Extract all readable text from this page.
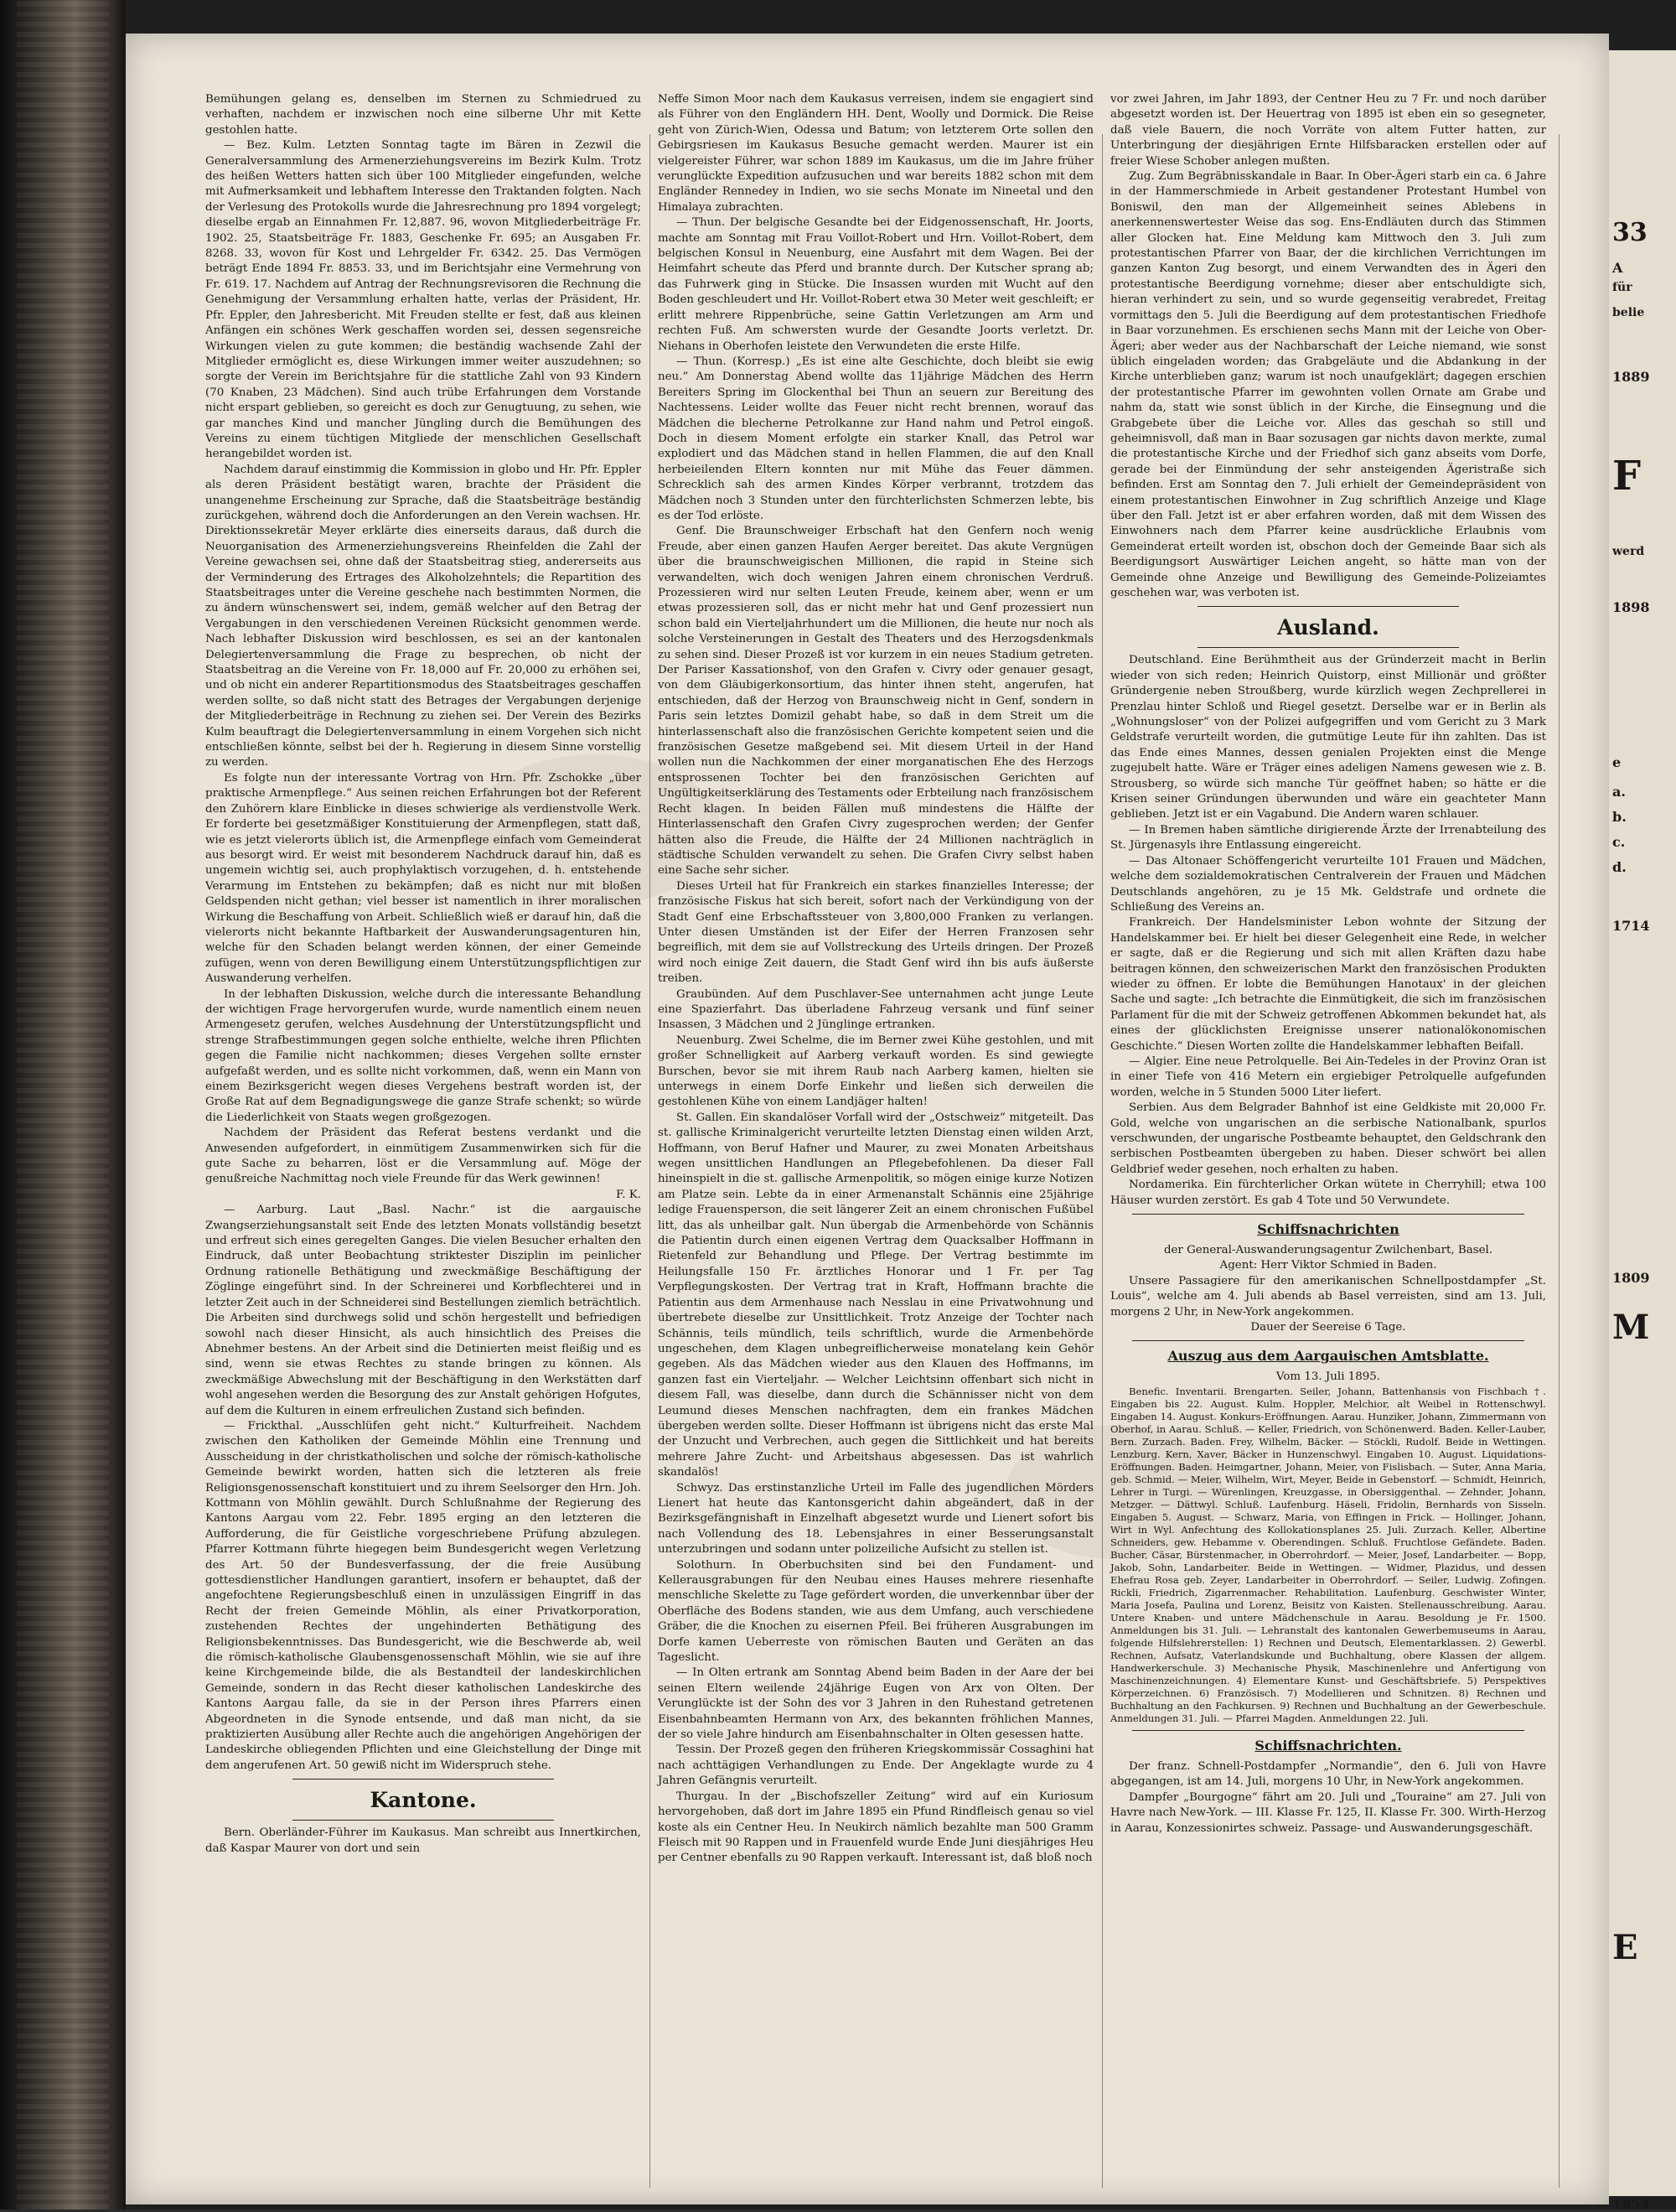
Bemühungen gelang es, denselben im Sternen zu Schmiedrued zu verhaften, nachdem er inzwischen noch eine silberne Uhr mit Kette gestohlen hatte.

— Bez. Kulm. Letzten Sonntag tagte im Bären in Zezwil die Generalversammlung des Armenerziehungsvereins im Bezirk Kulm. Trotz des heißen Wetters hatten sich über 100 Mitglieder eingefunden, welche mit Aufmerksamkeit und lebhaftem Interesse den Traktanden folgten. Nach der Verlesung des Protokolls wurde die Jahresrechnung pro 1894 vorgelegt; dieselbe ergab an Einnahmen Fr. 12,887. 96, wovon Mitgliederbeiträge Fr. 1902. 25, Staatsbeiträge Fr. 1883, Geschenke Fr. 695; an Ausgaben Fr. 8268. 33, wovon für Kost und Lehrgelder Fr. 6342. 25. Das Vermögen beträgt Ende 1894 Fr. 8853. 33, und im Berichtsjahr eine Vermehrung von Fr. 619. 17. Nachdem auf Antrag der Rechnungsrevisoren die Rechnung die Genehmigung der Versammlung erhalten hatte, verlas der Präsident, Hr. Pfr. Eppler, den Jahresbericht. Mit Freuden stellte er fest, daß aus kleinen Anfängen ein schönes Werk geschaffen worden sei, dessen segensreiche Wirkungen vielen zu gute kommen; die beständig wachsende Zahl der Mitglieder ermöglicht es, diese Wirkungen immer weiter auszudehnen; so sorgte der Verein im Berichtsjahre für die stattliche Zahl von 93 Kindern (70 Knaben, 23 Mädchen). Sind auch trübe Erfahrungen dem Vorstande nicht erspart geblieben, so gereicht es doch zur Genugtuung, zu sehen, wie gar manches Kind und mancher Jüngling durch die Bemühungen des Vereins zu einem tüchtigen Mitgliede der menschlichen Gesellschaft herangebildet worden ist.

Nachdem darauf einstimmig die Kommission in globo und Hr. Pfr. Eppler als deren Präsident bestätigt waren, brachte der Präsident die unangenehme Erscheinung zur Sprache, daß die Staatsbeiträge beständig zurückgehen, während doch die Anforderungen an den Verein wachsen. Hr. Direktionssekretär Meyer erklärte dies einerseits daraus, daß durch die Neuorganisation des Armenerziehungsvereins Rheinfelden die Zahl der Vereine gewachsen sei, ohne daß der Staatsbeitrag stieg, andererseits aus der Verminderung des Ertrages des Alkoholzehntels; die Repartition des Staatsbeitrages unter die Vereine geschehe nach bestimmten Normen, die zu ändern wünschenswert sei, indem, gemäß welcher auf den Betrag der Vergabungen in den verschiedenen Vereinen Rücksicht genommen werde. Nach lebhafter Diskussion wird beschlossen, es sei an der kantonalen Delegiertenversammlung die Frage zu besprechen, ob nicht der Staatsbeitrag an die Vereine von Fr. 18,000 auf Fr. 20,000 zu erhöhen sei, und ob nicht ein anderer Repartitionsmodus des Staatsbeitrages geschaffen werden sollte, so daß nicht statt des Betrages der Vergabungen derjenige der Mitgliederbeiträge in Rechnung zu ziehen sei. Der Verein des Bezirks Kulm beauftragt die Delegiertenversammlung in einem Vorgehen sich nicht entschließen könnte, selbst bei der h. Regierung in diesem Sinne vorstellig zu werden.

Es folgte nun der interessante Vortrag von Hrn. Pfr. Zschokke „über praktische Armenpflege.“ Aus seinen reichen Erfahrungen bot der Referent den Zuhörern klare Einblicke in dieses schwierige als verdienstvolle Werk. Er forderte bei gesetzmäßiger Konstituierung der Armenpflegen, statt daß, wie es jetzt vielerorts üblich ist, die Armenpflege einfach vom Gemeinderat aus besorgt wird. Er weist mit besonderem Nachdruck darauf hin, daß es ungemein wichtig sei, auch prophylaktisch vorzugehen, d. h. entstehende Verarmung im Entstehen zu bekämpfen; daß es nicht nur mit bloßen Geldspenden nicht gethan; viel besser ist namentlich in ihrer moralischen Wirkung die Beschaffung von Arbeit. Schließlich wieß er darauf hin, daß die vielerorts nicht bekannte Haftbarkeit der Auswanderungsagenturen hin, welche für den Schaden belangt werden können, der einer Gemeinde zufügen, wenn von deren Bewilligung einem Unterstützungspflichtigen zur Auswanderung verhelfen.

In der lebhaften Diskussion, welche durch die interessante Behandlung der wichtigen Frage hervorgerufen wurde, wurde namentlich einem neuen Armengesetz gerufen, welches Ausdehnung der Unterstützungspflicht und strenge Strafbestimmungen gegen solche enthielte, welche ihren Pflichten gegen die Familie nicht nachkommen; dieses Vergehen sollte ernster aufgefaßt werden, und es sollte nicht vorkommen, daß, wenn ein Mann von einem Bezirksgericht wegen dieses Vergehens bestraft worden ist, der Große Rat auf dem Begnadigungswege die ganze Strafe schenkt; so würde die Liederlichkeit von Staats wegen großgezogen.

Nachdem der Präsident das Referat bestens verdankt und die Anwesenden aufgefordert, in einmütigem Zusammenwirken sich für die gute Sache zu beharren, löst er die Versammlung auf. Möge der genußreiche Nachmittag noch viele Freunde für das Werk gewinnen!

F. K.

— Aarburg. Laut „Basl. Nachr.“ ist die aargauische Zwangserziehungsanstalt seit Ende des letzten Monats vollständig besetzt und erfreut sich eines geregelten Ganges. Die vielen Besucher erhalten den Eindruck, daß unter Beobachtung striktester Disziplin im peinlicher Ordnung rationelle Bethätigung und zweckmäßige Beschäftigung der Zöglinge eingeführt sind. In der Schreinerei und Korbflechterei und in letzter Zeit auch in der Schneiderei sind Bestellungen ziemlich beträchtlich. Die Arbeiten sind durchwegs solid und schön hergestellt und befriedigen sowohl nach dieser Hinsicht, als auch hinsichtlich des Preises die Abnehmer bestens. An der Arbeit sind die Detinierten meist fleißig und es sind, wenn sie etwas Rechtes zu stande bringen zu können. Als zweckmäßige Abwechslung mit der Beschäftigung in den Werkstätten darf wohl angesehen werden die Besorgung des zur Anstalt gehörigen Hofgutes, auf dem die Kulturen in einem erfreulichen Zustand sich befinden.

— Frickthal. „Ausschlüfen geht nicht.“ Kulturfreiheit. Nachdem zwischen den Katholiken der Gemeinde Möhlin eine Trennung und Ausscheidung in der christkatholischen und solche der römisch-katholische Gemeinde bewirkt worden, hatten sich die letzteren als freie Religionsgenossenschaft konstituiert und zu ihrem Seelsorger den Hrn. Joh. Kottmann von Möhlin gewählt. Durch Schlußnahme der Regierung des Kantons Aargau vom 22. Febr. 1895 erging an den letzteren die Aufforderung, die für Geistliche vorgeschriebene Prüfung abzulegen. Pfarrer Kottmann führte hiegegen beim Bundesgericht wegen Verletzung des Art. 50 der Bundesverfassung, der die freie Ausübung gottesdienstlicher Handlungen garantiert, insofern er behauptet, daß der angefochtene Regierungsbeschluß einen in unzulässigen Eingriff in das Recht der freien Gemeinde Möhlin, als einer Privatkorporation, zustehenden Rechtes der ungehinderten Bethätigung des Religionsbekenntnisses. Das Bundesgericht, wie die Beschwerde ab, weil die römisch-katholische Glaubensgenossenschaft Möhlin, wie sie auf ihre keine Kirchgemeinde bilde, die als Bestandteil der landeskirchlichen Gemeinde, sondern in das Recht dieser katholischen Landeskirche des Kantons Aargau falle, da sie in der Person ihres Pfarrers einen Abgeordneten in die Synode entsende, und daß man nicht, da sie praktizierten Ausübung aller Rechte auch die angehörigen Angehörigen der Landeskirche obliegenden Pflichten und eine Gleichstellung der Dinge mit dem angerufenen Art. 50 gewiß nicht im Widerspruch stehe.

Kantone.

Bern. Oberländer-Führer im Kaukasus. Man schreibt aus Innertkirchen, daß Kaspar Maurer von dort und sein

Neffe Simon Moor nach dem Kaukasus verreisen, indem sie engagiert sind als Führer von den Engländern HH. Dent, Woolly und Dormick. Die Reise geht von Zürich-Wien, Odessa und Batum; von letzterem Orte sollen den Gebirgsriesen im Kaukasus Besuche gemacht werden. Maurer ist ein vielgereister Führer, war schon 1889 im Kaukasus, um die im Jahre früher verunglückte Expedition aufzusuchen und war bereits 1882 schon mit dem Engländer Rennedey in Indien, wo sie sechs Monate im Nineetal und den Himalaya zubrachten.

— Thun. Der belgische Gesandte bei der Eidgenossenschaft, Hr. Joorts, machte am Sonntag mit Frau Voillot-Robert und Hrn. Voillot-Robert, dem belgischen Konsul in Neuenburg, eine Ausfahrt mit dem Wagen. Bei der Heimfahrt scheute das Pferd und brannte durch. Der Kutscher sprang ab; das Fuhrwerk ging in Stücke. Die Insassen wurden mit Wucht auf den Boden geschleudert und Hr. Voillot-Robert etwa 30 Meter weit geschleift; er erlitt mehrere Rippenbrüche, seine Gattin Verletzungen am Arm und rechten Fuß. Am schwersten wurde der Gesandte Joorts verletzt. Dr. Niehans in Oberhofen leistete den Verwundeten die erste Hilfe.

— Thun. (Korresp.) „Es ist eine alte Geschichte, doch bleibt sie ewig neu.“ Am Donnerstag Abend wollte das 11jährige Mädchen des Herrn Bereiters Spring im Glockenthal bei Thun an seuern zur Bereitung des Nachtessens. Leider wollte das Feuer nicht recht brennen, worauf das Mädchen die blecherne Petrolkanne zur Hand nahm und Petrol eingoß. Doch in diesem Moment erfolgte ein starker Knall, das Petrol war explodiert und das Mädchen stand in hellen Flammen, die auf den Knall herbeieilenden Eltern konnten nur mit Mühe das Feuer dämmen. Schrecklich sah des armen Kindes Körper verbrannt, trotzdem das Mädchen noch 3 Stunden unter den fürchterlichsten Schmerzen lebte, bis es der Tod erlöste.

Genf. Die Braunschweiger Erbschaft hat den Genfern noch wenig Freude, aber einen ganzen Haufen Aerger bereitet. Das akute Vergnügen über die braunschweigischen Millionen, die rapid in Steine sich verwandelten, wich doch wenigen Jahren einem chronischen Verdruß. Prozessieren wird nur selten Leuten Freude, keinem aber, wenn er um etwas prozessieren soll, das er nicht mehr hat und Genf prozessiert nun schon bald ein Vierteljahrhundert um die Millionen, die heute nur noch als solche Versteinerungen in Gestalt des Theaters und des Herzogsdenkmals zu sehen sind. Dieser Prozeß ist vor kurzem in ein neues Stadium getreten. Der Pariser Kassationshof, von den Grafen v. Civry oder genauer gesagt, von dem Gläubigerkonsortium, das hinter ihnen steht, angerufen, hat entschieden, daß der Herzog von Braunschweig nicht in Genf, sondern in Paris sein letztes Domizil gehabt habe, so daß in dem Streit um die hinterlassenschaft also die französischen Gerichte kompetent seien und die französischen Gesetze maßgebend sei. Mit diesem Urteil in der Hand wollen nun die Nachkommen der einer morganatischen Ehe des Herzogs entsprossenen Tochter bei den französischen Gerichten auf Ungültigkeitserklärung des Testaments oder Erbteilung nach französischem Recht klagen. In beiden Fällen muß mindestens die Hälfte der Hinterlassenschaft den Grafen Civry zugesprochen werden; der Genfer hätten also die Freude, die Hälfte der 24 Millionen nachträglich in städtische Schulden verwandelt zu sehen. Die Grafen Civry selbst haben eine Sache sehr sicher.

Dieses Urteil hat für Frankreich ein starkes finanzielles Interesse; der französische Fiskus hat sich bereit, sofort nach der Verkündigung von der Stadt Genf eine Erbschaftssteuer von 3,800,000 Franken zu verlangen. Unter diesen Umständen ist der Eifer der Herren Franzosen sehr begreiflich, mit dem sie auf Vollstreckung des Urteils dringen. Der Prozeß wird noch einige Zeit dauern, die Stadt Genf wird ihn bis aufs äußerste treiben.

Graubünden. Auf dem Puschlaver-See unternahmen acht junge Leute eine Spazierfahrt. Das überladene Fahrzeug versank und fünf seiner Insassen, 3 Mädchen und 2 Jünglinge ertranken.

Neuenburg. Zwei Schelme, die im Berner zwei Kühe gestohlen, und mit großer Schnelligkeit auf Aarberg verkauft worden. Es sind gewiegte Burschen, bevor sie mit ihrem Raub nach Aarberg kamen, hielten sie unterwegs in einem Dorfe Einkehr und ließen sich derweilen die gestohlenen Kühe von einem Landjäger halten!

St. Gallen. Ein skandalöser Vorfall wird der „Ostschweiz“ mitgeteilt. Das st. gallische Kriminalgericht verurteilte letzten Dienstag einen wilden Arzt, Hoffmann, von Beruf Hafner und Maurer, zu zwei Monaten Arbeitshaus wegen unsittlichen Handlungen an Pflegebefohlenen. Da dieser Fall hineinspielt in die st. gallische Armenpolitik, so mögen einige kurze Notizen am Platze sein. Lebte da in einer Armenanstalt Schännis eine 25jährige ledige Frauensperson, die seit längerer Zeit an einem chronischen Fußübel litt, das als unheilbar galt. Nun übergab die Armenbehörde von Schännis die Patientin durch einen eigenen Vertrag dem Quacksalber Hoffmann in Rietenfeld zur Behandlung und Pflege. Der Vertrag bestimmte im Heilungsfalle 150 Fr. ärztliches Honorar und 1 Fr. per Tag Verpflegungskosten. Der Vertrag trat in Kraft, Hoffmann brachte die Patientin aus dem Armenhause nach Nesslau in eine Privatwohnung und übertrebete dieselbe zur Unsittlichkeit. Trotz Anzeige der Tochter nach Schännis, teils mündlich, teils schriftlich, wurde die Armenbehörde ungeschehen, dem Klagen unbegreiflicherweise monatelang kein Gehör gegeben. Als das Mädchen wieder aus den Klauen des Hoffmanns, im ganzen fast ein Vierteljahr. — Welcher Leichtsinn offenbart sich nicht in diesem Fall, was dieselbe, dann durch die Schännisser nicht von dem Leumund dieses Menschen nachfragten, dem ein frankes Mädchen übergeben werden sollte. Dieser Hoffmann ist übrigens nicht das erste Mal der Unzucht und Verbrechen, auch gegen die Sittlichkeit und hat bereits mehrere Jahre Zucht- und Arbeitshaus abgesessen. Das ist wahrlich skandalös!

Schwyz. Das erstinstanzliche Urteil im Falle des jugendlichen Mörders Lienert hat heute das Kantonsgericht dahin abgeändert, daß in der Bezirksgefängnishaft in Einzelhaft abgesetzt wurde und Lienert sofort bis nach Vollendung des 18. Lebensjahres in einer Besserungsanstalt unterzubringen und sodann unter polizeiliche Aufsicht zu stellen ist.

Solothurn. In Oberbuchsiten sind bei den Fundament- und Kellerausgrabungen für den Neubau eines Hauses mehrere riesenhafte menschliche Skelette zu Tage gefördert worden, die unverkennbar über der Oberfläche des Bodens standen, wie aus dem Umfang, auch verschiedene Gräber, die die Knochen zu eisernen Pfeil. Bei früheren Ausgrabungen im Dorfe kamen Ueberreste von römischen Bauten und Geräten an das Tageslicht.

— In Olten ertrank am Sonntag Abend beim Baden in der Aare der bei seinen Eltern weilende 24jährige Eugen von Arx von Olten. Der Verunglückte ist der Sohn des vor 3 Jahren in den Ruhestand getretenen Eisenbahnbeamten Hermann von Arx, des bekannten fröhlichen Mannes, der so viele Jahre hindurch am Eisenbahnschalter in Olten gesessen hatte.

Tessin. Der Prozeß gegen den früheren Kriegskommissär Cossaghini hat nach achttägigen Verhandlungen zu Ende. Der Angeklagte wurde zu 4 Jahren Gefängnis verurteilt.

Thurgau. In der „Bischofszeller Zeitung“ wird auf ein Kuriosum hervorgehoben, daß dort im Jahre 1895 ein Pfund Rindfleisch genau so viel koste als ein Centner Heu. In Neukirch nämlich bezahlte man 500 Gramm Fleisch mit 90 Rappen und in Frauenfeld wurde Ende Juni diesjähriges Heu per Centner ebenfalls zu 90 Rappen verkauft. Interessant ist, daß bloß noch

vor zwei Jahren, im Jahr 1893, der Centner Heu zu 7 Fr. und noch darüber abgesetzt worden ist. Der Heuertrag von 1895 ist eben ein so gesegneter, daß viele Bauern, die noch Vorräte von altem Futter hatten, zur Unterbringung der diesjährigen Ernte Hilfsbaracken erstellen oder auf freier Wiese Schober anlegen mußten.

Zug. Zum Begräbnisskandale in Baar. In Ober-Ägeri starb ein ca. 6 Jahre in der Hammerschmiede in Arbeit gestandener Protestant Humbel von Boniswil, den man der Allgemeinheit seines Ablebens in anerkennenswertester Weise das sog. Ens-Endläuten durch das Stimmen aller Glocken hat. Eine Meldung kam Mittwoch den 3. Juli zum protestantischen Pfarrer von Baar, der die kirchlichen Verrichtungen im ganzen Kanton Zug besorgt, und einem Verwandten des in Ägeri den protestantische Beerdigung vornehme; dieser aber entschuldigte sich, hieran verhindert zu sein, und so wurde gegenseitig verabredet, Freitag vormittags den 5. Juli die Beerdigung auf dem protestantischen Friedhofe in Baar vorzunehmen. Es erschienen sechs Mann mit der Leiche von Ober-Ägeri; aber weder aus der Nachbarschaft der Leiche niemand, wie sonst üblich eingeladen worden; das Grabgeläute und die Abdankung in der Kirche unterblieben ganz; warum ist noch unaufgeklärt; dagegen erschien der protestantische Pfarrer im gewohnten vollen Ornate am Grabe und nahm da, statt wie sonst üblich in der Kirche, die Einsegnung und die Grabgebete über die Leiche vor. Alles das geschah so still und geheimnisvoll, daß man in Baar sozusagen gar nichts davon merkte, zumal die protestantische Kirche und der Friedhof sich ganz abseits vom Dorfe, gerade bei der Einmündung der sehr ansteigenden Ägeristraße sich befinden. Erst am Sonntag den 7. Juli erhielt der Gemeindepräsident von einem protestantischen Einwohner in Zug schriftlich Anzeige und Klage über den Fall. Jetzt ist er aber erfahren worden, daß mit dem Wissen des Einwohners nach dem Pfarrer keine ausdrückliche Erlaubnis vom Gemeinderat erteilt worden ist, obschon doch der Gemeinde Baar sich als Beerdigungsort Auswärtiger Leichen angeht, so hätte man von der Gemeinde ohne Anzeige und Bewilligung des Gemeinde-Polizeiamtes geschehen war, was verboten ist.

Ausland.

Deutschland. Eine Berühmtheit aus der Gründerzeit macht in Berlin wieder von sich reden; Heinrich Quistorp, einst Millionär und größter Gründergenie neben Stroußberg, wurde kürzlich wegen Zechprellerei in Prenzlau hinter Schloß und Riegel gesetzt. Derselbe war er in Berlin als „Wohnungsloser“ von der Polizei aufgegriffen und vom Gericht zu 3 Mark Geldstrafe verurteilt worden, die gutmütige Leute für ihn zahlten. Das ist das Ende eines Mannes, dessen genialen Projekten einst die Menge zugejubelt hatte. Wäre er Träger eines adeligen Namens gewesen wie z. B. Strousberg, so würde sich manche Tür geöffnet haben; so hätte er die Krisen seiner Gründungen überwunden und wäre ein geachteter Mann geblieben. Jetzt ist er ein Vagabund. Die Andern waren schlauer.

— In Bremen haben sämtliche dirigierende Ärzte der Irrenabteilung des St. Jürgenasyls ihre Entlassung eingereicht.

— Das Altonaer Schöffengericht verurteilte 101 Frauen und Mädchen, welche dem sozialdemokratischen Centralverein der Frauen und Mädchen Deutschlands angehören, zu je 15 Mk. Geldstrafe und ordnete die Schließung des Vereins an.

Frankreich. Der Handelsminister Lebon wohnte der Sitzung der Handelskammer bei. Er hielt bei dieser Gelegenheit eine Rede, in welcher er sagte, daß er die Regierung und sich mit allen Kräften dazu habe beitragen können, den schweizerischen Markt den französischen Produkten wieder zu öffnen. Er lobte die Bemühungen Hanotaux' in der gleichen Sache und sagte: „Ich betrachte die Einmütigkeit, die sich im französischen Parlament für die mit der Schweiz getroffenen Abkommen bekundet hat, als eines der glücklichsten Ereignisse unserer nationalökonomischen Geschichte.“ Diesen Worten zollte die Handelskammer lebhaften Beifall.

— Algier. Eine neue Petrolquelle. Bei Ain-Tedeles in der Provinz Oran ist in einer Tiefe von 416 Metern ein ergiebiger Petrolquelle aufgefunden worden, welche in 5 Stunden 5000 Liter liefert.

Serbien. Aus dem Belgrader Bahnhof ist eine Geldkiste mit 20,000 Fr. Gold, welche von ungarischen an die serbische Nationalbank, spurlos verschwunden, der ungarische Postbeamte behauptet, den Geldschrank den serbischen Postbeamten übergeben zu haben. Dieser schwört bei allen Geldbrief weder gesehen, noch erhalten zu haben.

Nordamerika. Ein fürchterlicher Orkan wütete in Cherryhill; etwa 100 Häuser wurden zerstört. Es gab 4 Tote und 50 Verwundete.

Schiffsnachrichten

der General-Auswanderungsagentur Zwilchenbart, Basel.

Agent: Herr Viktor Schmied in Baden.

Unsere Passagiere für den amerikanischen Schnellpostdampfer „St. Louis“, welche am 4. Juli abends ab Basel verreisten, sind am 13. Juli, morgens 2 Uhr, in New-York angekommen.

Dauer der Seereise 6 Tage.

Auszug aus dem Aargauischen Amtsblatte.

Vom 13. Juli 1895.

Benefic. Inventarii. Brengarten. Seiler, Johann, Battenhansis von Fischbach †. Eingaben bis 22. August. Kulm. Hoppler, Melchior, alt Weibel in Rottenschwyl. Eingaben 14. August. Konkurs-Eröffnungen. Aarau. Hunziker, Johann, Zimmermann von Oberhof, in Aarau. Schluß. — Keller, Friedrich, von Schönenwerd. Baden. Keller-Lauber, Bern. Zurzach. Baden. Frey, Wilhelm, Bäcker. — Stöckli, Rudolf. Beide in Wettingen. Lenzburg. Kern, Xaver, Bäcker in Hunzenschwyl. Eingaben 10. August. Liquidations-Eröffnungen. Baden. Heimgartner, Johann, Meier, von Fislisbach. — Suter, Anna Maria, geb. Schmid. — Meier, Wilhelm, Wirt, Meyer, Beide in Gebenstorf. — Schmidt, Heinrich, Lehrer in Turgi. — Würenlingen, Kreuzgasse, in Obersiggenthal. — Zehnder, Johann, Metzger. — Dättwyl. Schluß. Laufenburg. Häseli, Fridolin, Bernhards von Sisseln. Eingaben 5. August. — Schwarz, Maria, von Effingen in Frick. — Hollinger, Johann, Wirt in Wyl. Anfechtung des Kollokationsplanes 25. Juli. Zurzach. Keller, Albertine Schneiders, gew. Hebamme v. Oberendingen. Schluß. Fruchtlose Gefändete. Baden. Bucher, Cäsar, Bürstenmacher, in Oberrohrdorf. — Meier, Josef, Landarbeiter. — Bopp, Jakob, Sohn, Landarbeiter. Beide in Wettingen. — Widmer, Plazidus, und dessen Ehefrau Rosa geb. Zeyer, Landarbeiter in Oberrohrdorf. — Seiler, Ludwig. Zofingen. Rickli, Friedrich, Zigarrenmacher. Rehabilitation. Laufenburg. Geschwister Winter, Maria Josefa, Paulina und Lorenz, Beisitz von Kaisten. Stellenausschreibung. Aarau. Untere Knaben- und untere Mädchenschule in Aarau. Besoldung je Fr. 1500. Anmeldungen bis 31. Juli. — Lehranstalt des kantonalen Gewerbemuseums in Aarau, folgende Hilfslehrerstellen: 1) Rechnen und Deutsch, Elementarklassen. 2) Gewerbl. Rechnen, Aufsatz, Vaterlandskunde und Buchhaltung, obere Klassen der allgem. Handwerkerschule. 3) Mechanische Physik, Maschinenlehre und Anfertigung von Maschinenzeichnungen. 4) Elementare Kunst- und Geschäftsbriefe. 5) Perspektives Körperzeichnen. 6) Französisch. 7) Modellieren und Schnitzen. 8) Rechnen und Buchhaltung an den Fachkursen. 9) Rechnen und Buchhaltung an der Gewerbeschule. Anmeldungen 31. Juli. — Pfarrei Magden. Anmeldungen 22. Juli.

Schiffsnachrichten.

Der franz. Schnell-Postdampfer „Normandie“, den 6. Juli von Havre abgegangen, ist am 14. Juli, morgens 10 Uhr, in New-York angekommen.

Dampfer „Bourgogne“ fährt am 20. Juli und „Touraine“ am 27. Juli von Havre nach New-York. — III. Klasse Fr. 125, II. Klasse Fr. 300. Wirth-Herzog in Aarau, Konzessionirtes schweiz. Passage- und Auswanderungsgeschäft.

33
A
für
belie
1889
F
werd
1898
e
a.
b.
c.
d.
1714
1809
M
E
1854
